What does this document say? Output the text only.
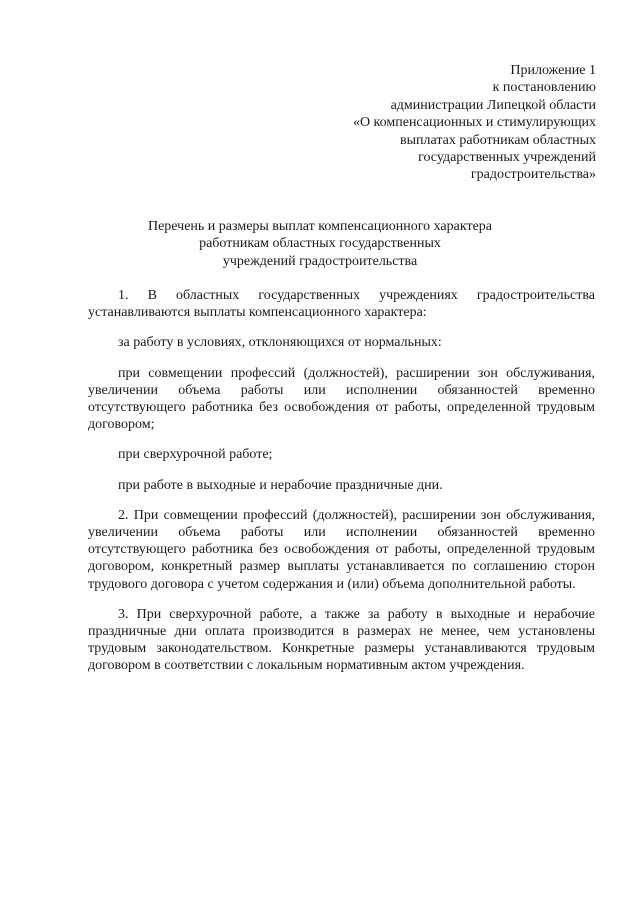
Приложение 1
к постановлению
администрации Липецкой области
«О компенсационных и стимулирующих
выплатах работникам областных
государственных учреждений
градостроительства»
Перечень и размеры выплат компенсационного характера
работникам областных государственных
учреждений градостроительства

1. В областных государственных учреждениях градостроительства устанавливаются выплаты компенсационного характера:

за работу в условиях, отклоняющихся от нормальных:

при совмещении профессий (должностей), расширении зон обслуживания, увеличении объема работы или исполнении обязанностей временно отсутствующего работника без освобождения от работы, определенной трудовым договором;

при сверхурочной работе;

при работе в выходные и нерабочие праздничные дни.

2. При совмещении профессий (должностей), расширении зон обслуживания, увеличении объема работы или исполнении обязанностей временно отсутствующего работника без освобождения от работы, определенной трудовым договором, конкретный размер выплаты устанавливается по соглашению сторон трудового договора с учетом содержания и (или) объема дополнительной работы.

3. При сверхурочной работе, а также за работу в выходные и нерабочие праздничные дни оплата производится в размерах не менее, чем установлены трудовым законодательством. Конкретные размеры устанавливаются трудовым договором в соответствии с локальным нормативным актом учреждения.
